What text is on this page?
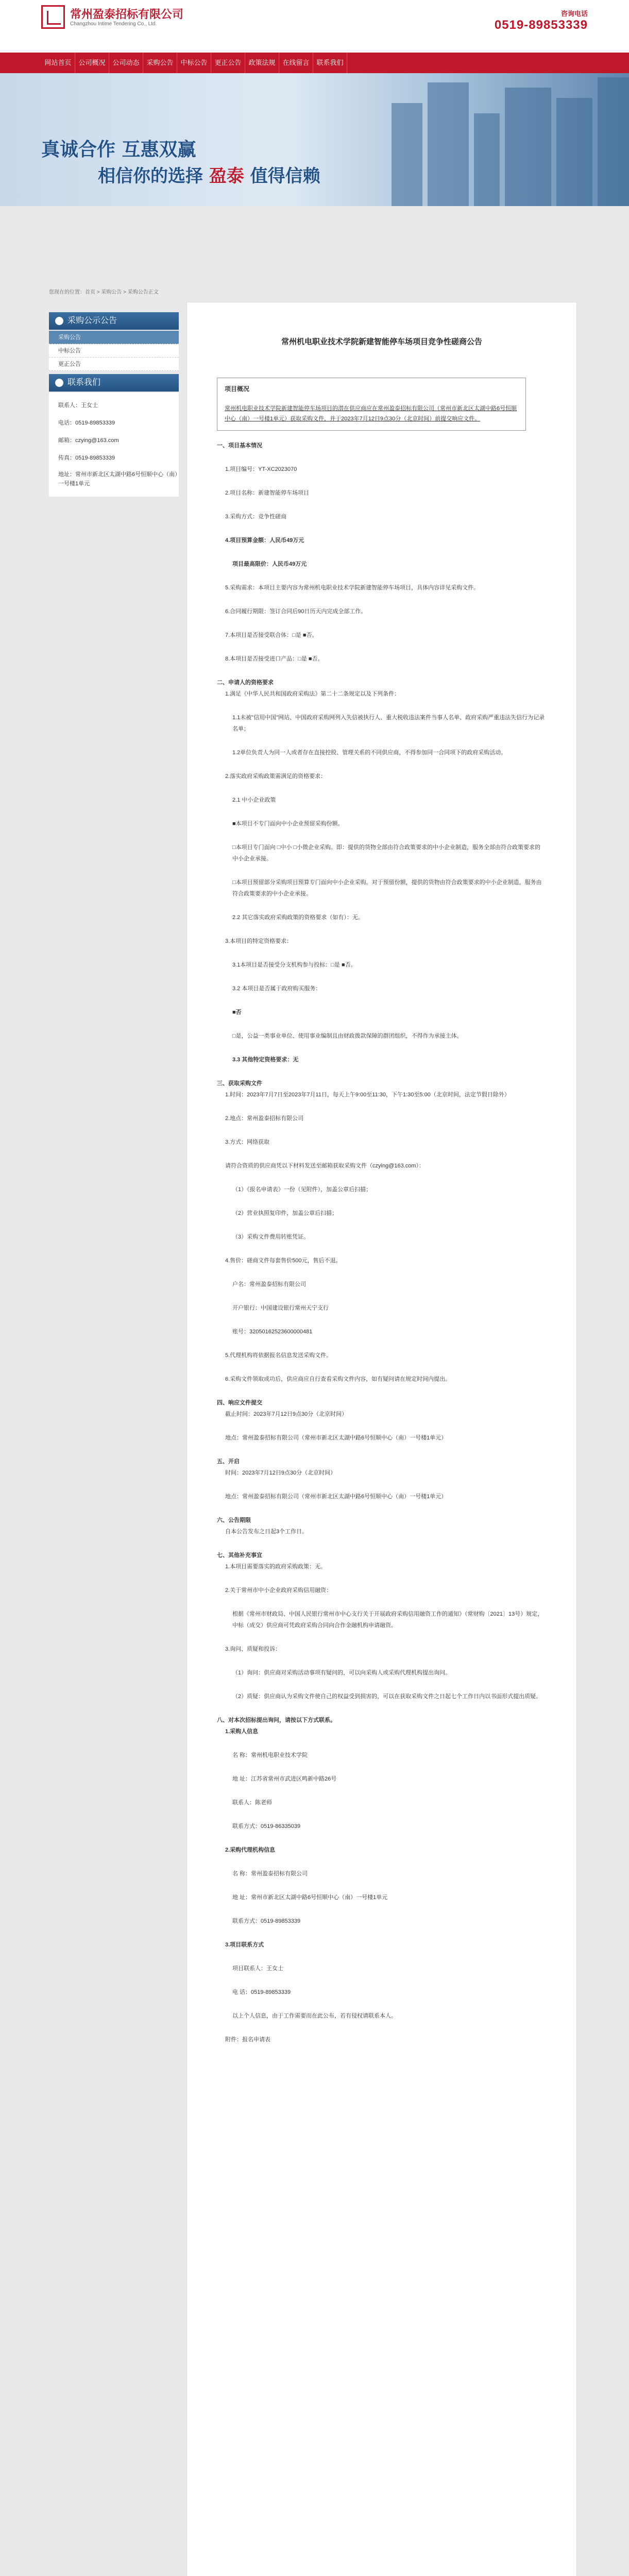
常州盈泰招标有限公司
Changzhou Intime Tendering Co., Ltd.
咨询电话
0519-89853339
网站首页	公司概况	公司动态	采购公告	中标公告	更正公告	政策法规	在线留言	联系我们
真诚合作 互惠双赢
相信你的选择 盈泰 值得信赖
您现在的位置：首页 > 采购公告 > 采购公告正文
采购公示公告
采购公告
中标公告
更正公告
联系我们

联系人：王女士

电话：0519-89853339

邮箱：czying@163.com

传真：0519-89853339

地址：常州市新北区太湖中路6号恒顺中心（南）一号楼1单元

常州机电职业技术学院新建智能停车场项目竞争性磋商公告
项目概况

常州机电职业技术学院新建智能停车场项目的潜在供应商应在常州盈泰招标有限公司（常州市新北区太湖中路6号恒顺中心（南）一号楼1单元）获取采购文件，并于2023年7月12日9点30分（北京时间）前提交响应文件。

一、项目基本情况

1.项目编号：YT-XC2023070

2.项目名称：新建智能停车场项目

3.采购方式：竞争性磋商

4.项目预算金额：人民币49万元

项目最高限价：人民币49万元

5.采购需求：本项目主要内容为常州机电职业技术学院新建智能停车场项目，具体内容详见采购文件。

6.合同履行期限：签订合同后90日历天内完成全部工作。

7.本项目是否接受联合体：□是 ■否。

8.本项目是否接受进口产品：□是 ■否。

二、申请人的资格要求

1.满足《中华人民共和国政府采购法》第二十二条规定以及下列条件：

1.1未被"信用中国"网站、中国政府采购网列入失信被执行人、重大税收违法案件当事人名单、政府采购严重违法失信行为记录名单；

1.2单位负责人为同一人或者存在直接控股、管理关系的不同供应商，不得参加同一合同项下的政府采购活动。

2.落实政府采购政策需满足的资格要求：

2.1 中小企业政策

■本项目不专门面向中小企业预留采购份额。

□本项目专门面向 □中小 □小微企业采购。即：提供的货物全部由符合政策要求的中小企业制造，服务全部由符合政策要求的中小企业承接。

□本项目预留部分采购项目预算专门面向中小企业采购。对于预留份额，提供的货物由符合政策要求的中小企业制造，服务由符合政策要求的中小企业承接。

2.2 其它落实政府采购政策的资格要求（如有）：无。

3.本项目的特定资格要求：

3.1本项目是否接受分支机构参与投标：□是 ■否。

3.2 本项目是否属于政府购买服务：

■否

□是，公益一类事业单位、使用事业编制且由财政拨款保障的群团组织，不得作为承接主体。

3.3 其他特定资格要求：无

三、获取采购文件

1.时间：2023年7月7日至2023年7月11日，每天上午9:00至11:30，下午1:30至5:00（北京时间，法定节假日除外）

2.地点：常州盈泰招标有限公司

3.方式：网络获取

请符合资质的供应商凭以下材料发送至邮箱获取采购文件（czying@163.com）：

（1）《报名申请表》一份（见附件），加盖公章后扫描；

（2）营业执照复印件，加盖公章后扫描；

（3）采购文件费用转账凭证。

4.售价：磋商文件每套售价500元，售后不退。

户名：常州盈泰招标有限公司

开户银行：中国建设银行常州天宁支行

账号：32050162523600000481

5.代理机构将依据报名信息发送采购文件。

6.采购文件领取成功后，供应商应自行查看采购文件内容，如有疑问请在规定时间内提出。

四、响应文件提交

截止时间：2023年7月12日9点30分（北京时间）

地点：常州盈泰招标有限公司（常州市新北区太湖中路6号恒顺中心（南）一号楼1单元）

五、开启

时间：2023年7月12日9点30分（北京时间）

地点：常州盈泰招标有限公司（常州市新北区太湖中路6号恒顺中心（南）一号楼1单元）

六、公告期限

自本公告发布之日起3个工作日。

七、其他补充事宜

1.本项目需要落实的政府采购政策：无。

2.关于常州市中小企业政府采购信用融资：

根据《常州市财政局、中国人民银行常州市中心支行关于开展政府采购信用融资工作的通知》（常财购〔2021〕13号）规定，中标（成交）供应商可凭政府采购合同向合作金融机构申请融资。

3.询问、质疑和投诉：

（1）询问：供应商对采购活动事项有疑问的，可以向采购人或采购代理机构提出询问。

（2）质疑：供应商认为采购文件使自己的权益受到损害的，可以在获取采购文件之日起七个工作日内以书面形式提出质疑。

八、对本次招标提出询问，请按以下方式联系。

1.采购人信息

名 称：常州机电职业技术学院

地 址：江苏省常州市武进区鸣新中路26号

联系人：陈老师

联系方式：0519-86335039

2.采购代理机构信息

名 称：常州盈泰招标有限公司

地 址：常州市新北区太湖中路6号恒顺中心（南）一号楼1单元

联系方式：0519-89853339

3.项目联系方式

项目联系人：王女士

电 话：0519-89853339

以上个人信息，由于工作需要而在此公布，若有侵权请联系本人。

附件：报名申请表
